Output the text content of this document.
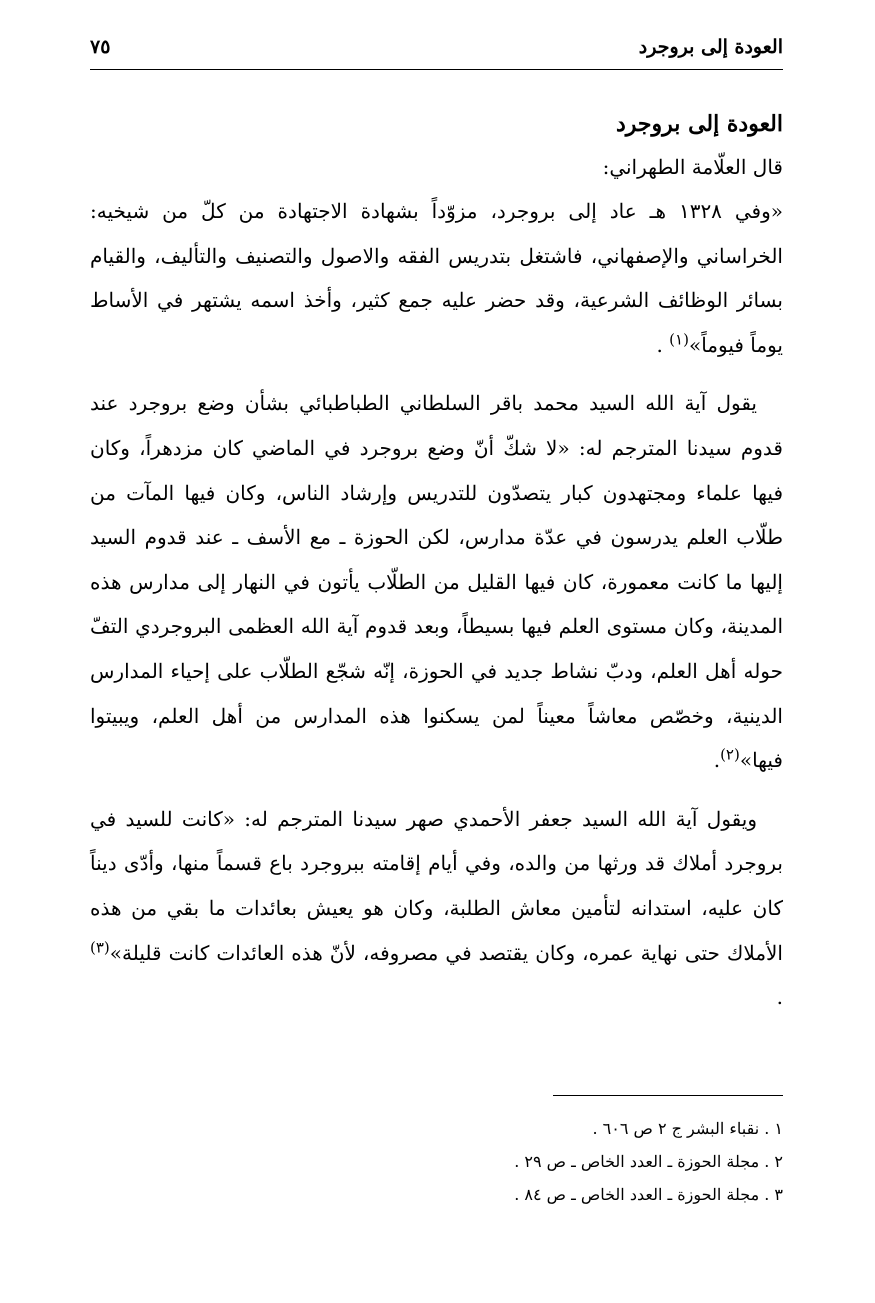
العودة إلى بروجرد
٧٥
العودة إلى بروجرد

قال العلّامة الطهراني:

«وفي ١٣٢٨ هـ عاد إلى بروجرد، مزوّداً بشهادة الاجتهادة من كلّ من شيخيه: الخراساني والإصفهاني، فاشتغل بتدريس الفقه والاصول والتصنيف والتأليف، والقيام بسائر الوظائف الشرعية، وقد حضر عليه جمع كثير، وأخذ اسمه يشتهر في الأساط يوماً فيوماً»$^{(١)}$ .

يقول آية الله السيد محمد باقر السلطاني الطباطبائي بشأن وضع بروجرد عند قدوم سيدنا المترجم له: «لا شكّ أنّ وضع بروجرد في الماضي كان مزدهراً، وكان فيها علماء ومجتهدون كبار يتصدّون للتدريس وإرشاد الناس، وكان فيها المآت من طلّاب العلم يدرسون في عدّة مدارس، لكن الحوزة ـ مع الأسف ـ عند قدوم السيد إليها ما كانت معمورة، كان فيها القليل من الطلّاب يأتون في النهار إلى مدارس هذه المدينة، وكان مستوى العلم فيها بسيطاً، وبعد قدوم آية الله العظمى البروجردي التفّ حوله أهل العلم، ودبّ نشاط جديد في الحوزة، إنّه شجّع الطلّاب على إحياء المدارس الدينية، وخصّص معاشاً معيناً لمن يسكنوا هذه المدارس من أهل العلم، ويبيتوا فيها»$^{(٢)}$.

ويقول آية الله السيد جعفر الأحمدي صهر سيدنا المترجم له: «كانت للسيد في بروجرد أملاك قد ورثها من والده، وفي أيام إقامته ببروجرد باع قسماً منها، وأدّى ديناً كان عليه، استدانه لتأمين معاش الطلبة، وكان هو يعيش بعائدات ما بقي من هذه الأملاك حتى نهاية عمره، وكان يقتصد في مصروفه، لأنّ هذه العائدات كانت قليلة»$^{(٣)}$ .

١ . نقباء البشر ج ٢ ص ٦٠٦ .
٢ . مجلة الحوزة ـ العدد الخاص ـ ص ٢٩ .
٣ . مجلة الحوزة ـ العدد الخاص ـ ص ٨٤ .
